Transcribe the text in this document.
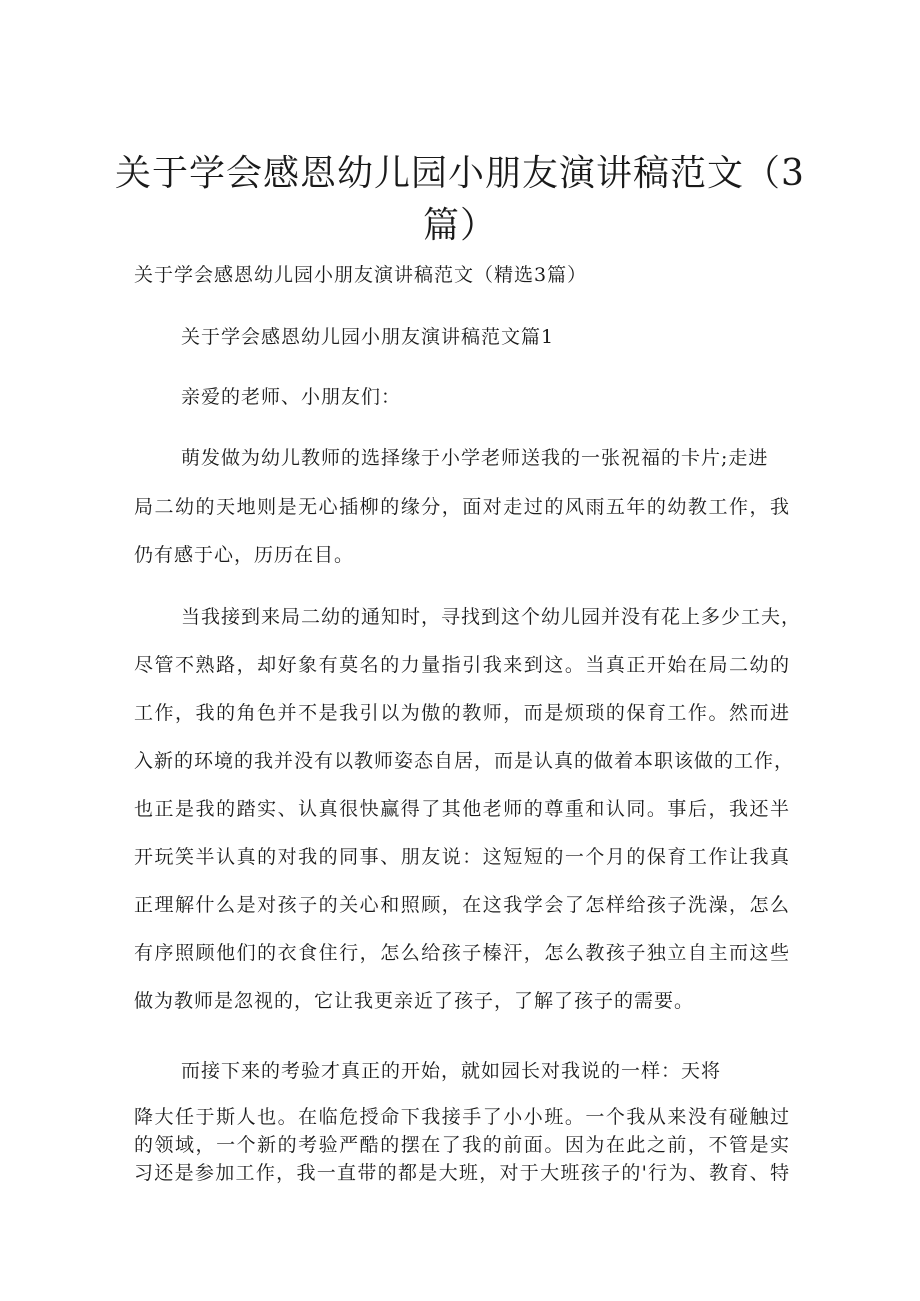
关于学会感恩幼儿园小朋友演讲稿范文（3
篇）

关于学会感恩幼儿园小朋友演讲稿范文（精选3篇）

关于学会感恩幼儿园小朋友演讲稿范文篇1

亲爱的老师、小朋友们：

萌发做为幼儿教师的选择缘于小学老师送我的一张祝福的卡片;走进

局二幼的天地则是无心插柳的缘分，面对走过的风雨五年的幼教工作，我

仍有感于心，历历在目。

当我接到来局二幼的通知时，寻找到这个幼儿园并没有花上多少工夫，

尽管不熟路，却好象有莫名的力量指引我来到这。当真正开始在局二幼的

工作，我的角色并不是我引以为傲的教师，而是烦琐的保育工作。然而进

入新的环境的我并没有以教师姿态自居，而是认真的做着本职该做的工作，

也正是我的踏实、认真很快赢得了其他老师的尊重和认同。事后，我还半

开玩笑半认真的对我的同事、朋友说：这短短的一个月的保育工作让我真

正理解什么是对孩子的关心和照顾，在这我学会了怎样给孩子洗澡，怎么

有序照顾他们的衣食住行，怎么给孩子榛汗，怎么教孩子独立自主而这些

做为教师是忽视的，它让我更亲近了孩子，了解了孩子的需要。

而接下来的考验才真正的开始，就如园长对我说的一样：天将

降大任于斯人也。在临危授命下我接手了小小班。一个我从来没有碰触过

的领域，一个新的考验严酷的摆在了我的前面。因为在此之前，不管是实

习还是参加工作，我一直带的都是大班，对于大班孩子的'行为、教育、特
